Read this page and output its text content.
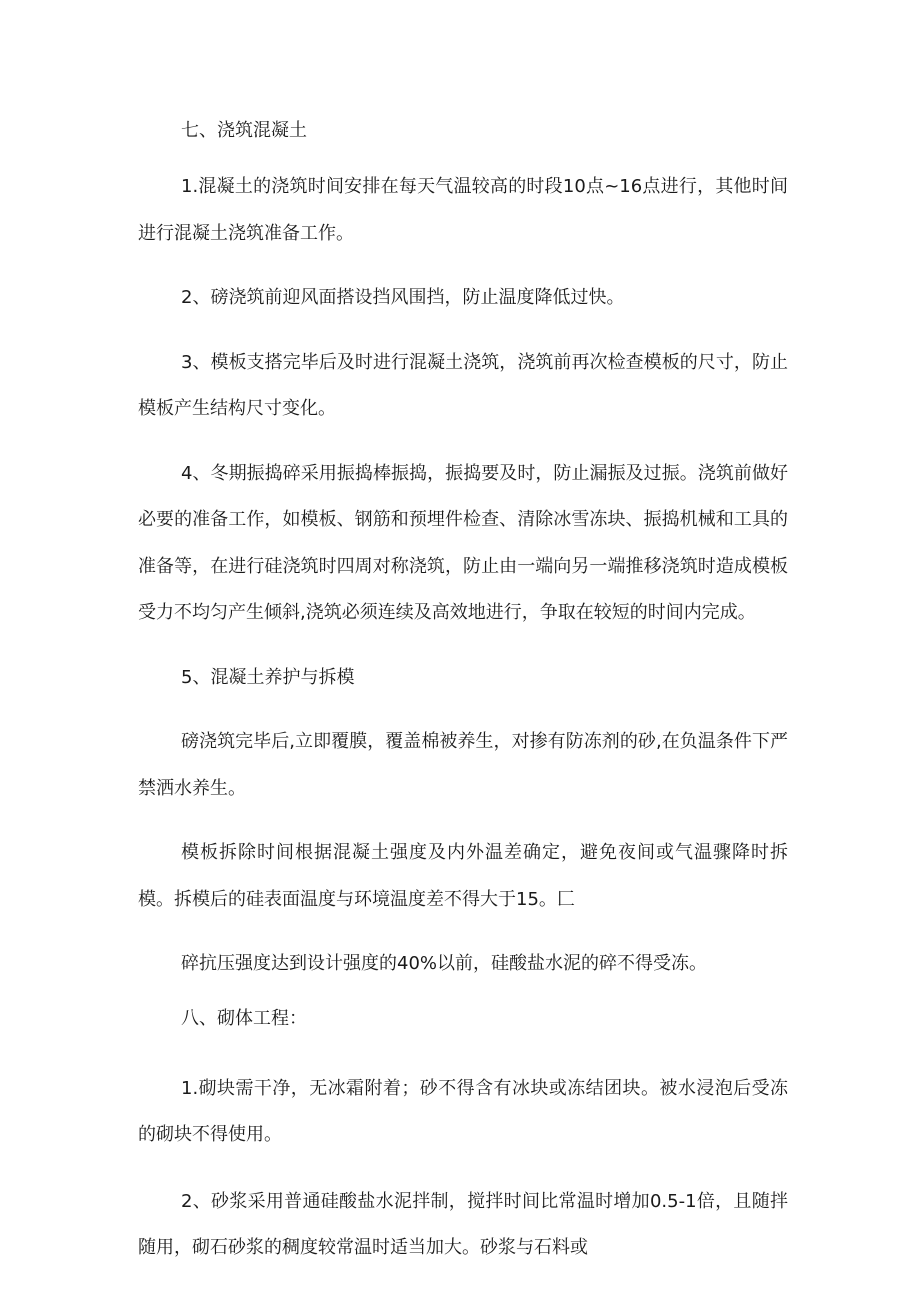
七、浇筑混凝土

1.混凝土的浇筑时间安排在每天气温较高的时段10点~16点进行，其他时间进行混凝土浇筑准备工作。

2、磅浇筑前迎风面搭设挡风围挡，防止温度降低过快。

3、模板支搭完毕后及时进行混凝土浇筑，浇筑前再次检查模板的尺寸，防止模板产生结构尺寸变化。

4、冬期振捣碎采用振捣棒振捣，振捣要及时，防止漏振及过振。浇筑前做好必要的准备工作，如模板、钢筋和预埋件检查、清除冰雪冻块、振捣机械和工具的准备等，在进行硅浇筑时四周对称浇筑，防止由一端向另一端推移浇筑时造成模板受力不均匀产生倾斜,浇筑必须连续及高效地进行，争取在较短的时间内完成。

5、混凝土养护与拆模

磅浇筑完毕后,立即覆膜，覆盖棉被养生，对掺有防冻剂的砂,在负温条件下严禁洒水养生。

模板拆除时间根据混凝土强度及内外温差确定，避免夜间或气温骤降时拆模。拆模后的硅表面温度与环境温度差不得大于15。匚

碎抗压强度达到设计强度的40%以前，硅酸盐水泥的碎不得受冻。

八、砌体工程：

1.砌块需干净，无冰霜附着；砂不得含有冰块或冻结团块。被水浸泡后受冻的砌块不得使用。

2、砂浆采用普通硅酸盐水泥拌制，搅拌时间比常温时增加0.5-1倍，且随拌随用，砌石砂浆的稠度较常温时适当加大。砂浆与石料或
